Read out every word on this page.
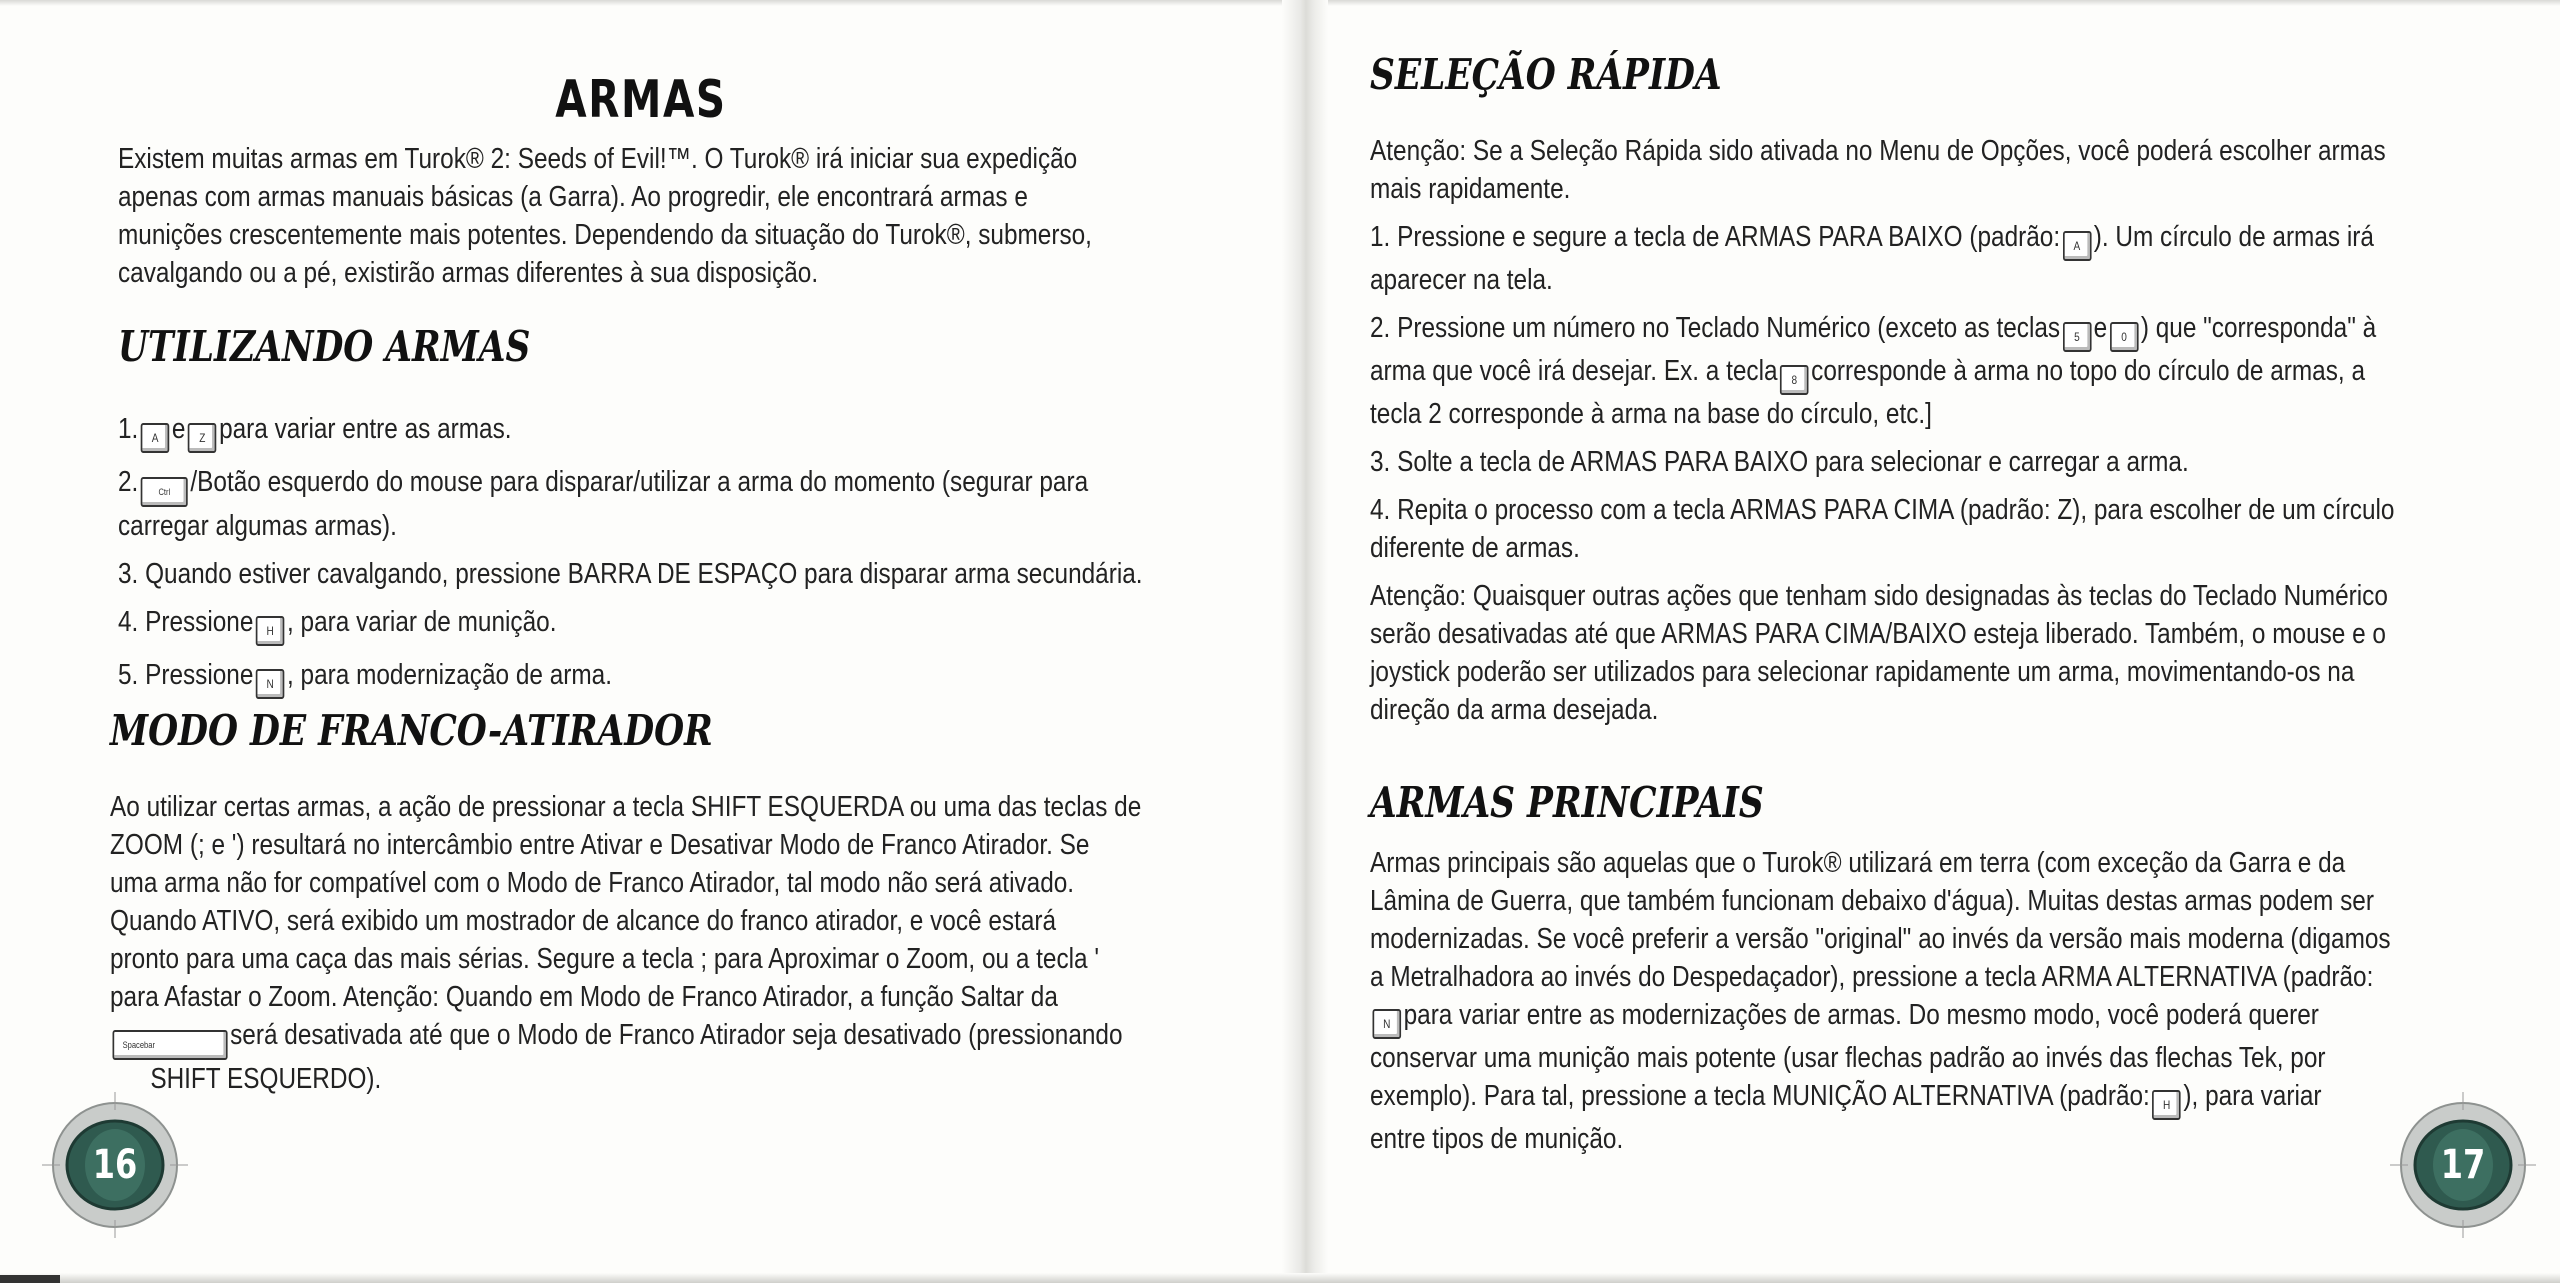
ARMAS
Existem muitas armas em Turok® 2: Seeds of Evil!™. O Turok® irá iniciar sua expedição
apenas com armas manuais básicas (a Garra). Ao progredir, ele encontrará armas e
munições crescentemente mais potentes. Dependendo da situação do Turok®, submerso,
cavalgando ou a pé, existirão armas diferentes à sua disposição.
UTILIZANDO ARMAS
1. A e Z para variar entre as armas.
2. Ctrl /Botão esquerdo do mouse para disparar/utilizar a arma do momento (segurar para
carregar algumas armas).
3. Quando estiver cavalgando, pressione BARRA DE ESPAÇO para disparar arma secundária.
4. Pressione H , para variar de munição.
5. Pressione N , para modernização de arma.
MODO DE FRANCO-ATIRADOR
Ao utilizar certas armas, a ação de pressionar a tecla SHIFT ESQUERDA ou uma das teclas de
ZOOM (; e ') resultará no intercâmbio entre Ativar e Desativar Modo de Franco Atirador. Se
uma arma não for compatível com o Modo de Franco Atirador, tal modo não será ativado.
Quando ATIVO, será exibido um mostrador de alcance do franco atirador, e você estará
pronto para uma caça das mais sérias. Segure a tecla ; para Aproximar o Zoom, ou a tecla '
para Afastar o Zoom. Atenção: Quando em Modo de Franco Atirador, a função Saltar da
Spacebar	será desativada até que o Modo de Franco Atirador seja desativado (pressionando
SHIFT ESQUERDO).
16
SELEÇÃO RÁPIDA
Atenção: Se a Seleção Rápida sido ativada no Menu de Opções, você poderá escolher armas
mais rapidamente.
1. Pressione e segure a tecla de ARMAS PARA BAIXO (padrão: A ). Um círculo de armas irá
aparecer na tela.
2. Pressione um número no Teclado Numérico (exceto as teclas 5 e 0 ) que "corresponda" à
arma que você irá desejar. Ex. a tecla 8 corresponde à arma no topo do círculo de armas, a
tecla 2 corresponde à arma na base do círculo, etc.]
3. Solte a tecla de ARMAS PARA BAIXO para selecionar e carregar a arma.
4. Repita o processo com a tecla ARMAS PARA CIMA (padrão: Z), para escolher de um círculo
diferente de armas.
Atenção: Quaisquer outras ações que tenham sido designadas às teclas do Teclado Numérico
serão desativadas até que ARMAS PARA CIMA/BAIXO esteja liberado. Também, o mouse e o
joystick poderão ser utilizados para selecionar rapidamente um arma, movimentando-os na
direção da arma desejada.
ARMAS PRINCIPAIS
Armas principais são aquelas que o Turok® utilizará em terra (com exceção da Garra e da
Lâmina de Guerra, que também funcionam debaixo d'água). Muitas destas armas podem ser
modernizadas. Se você preferir a versão "original" ao invés da versão mais moderna (digamos
a Metralhadora ao invés do Despedaçador), pressione a tecla ARMA ALTERNATIVA (padrão:
N para variar entre as modernizações de armas. Do mesmo modo, você poderá querer
conservar uma munição mais potente (usar flechas padrão ao invés das flechas Tek, por
exemplo). Para tal, pressione a tecla MUNIÇÃO ALTERNATIVA (padrão: H ), para variar
entre tipos de munição.
17
